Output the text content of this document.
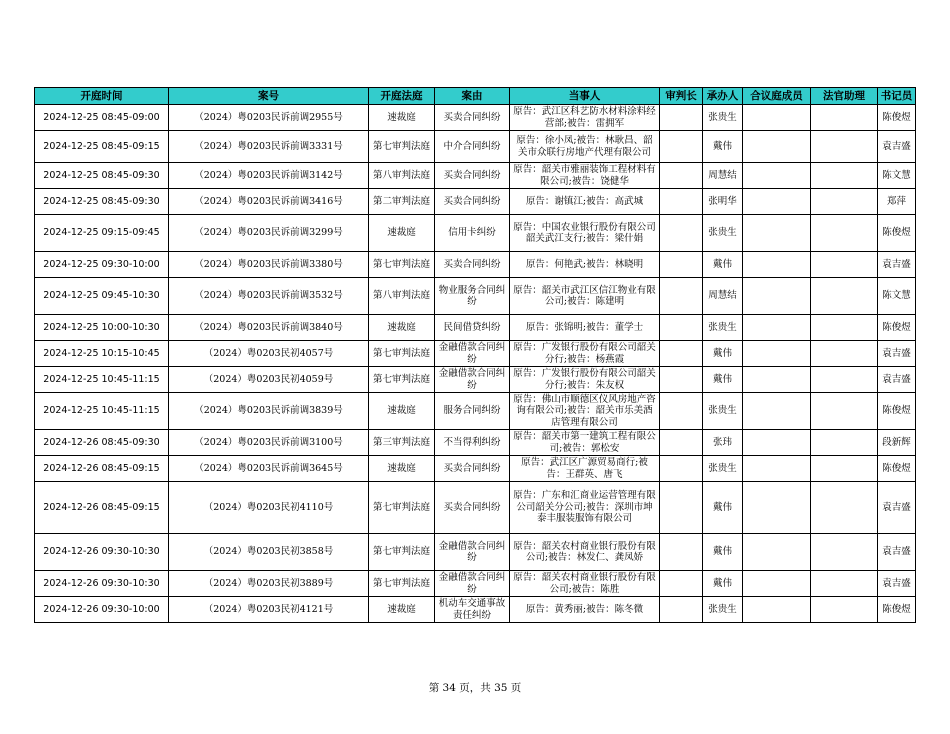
开庭时间	案号	开庭法庭	案由	当事人	审判长	承办人	合议庭成员	法官助理	书记员
2024-12-25 08:45-09:00	（2024）粤0203民诉前调2955号	速裁庭	买卖合同纠纷	原告：武江区科艺防水材料涂料经营部;被告：雷拥军		张贵生			陈俊煜
2024-12-25 08:45-09:15	（2024）粤0203民诉前调3331号	第七审判法庭	中介合同纠纷	原告：徐小凤;被告：林耿昌、韶关市众联行房地产代理有限公司		戴伟			袁吉盛
2024-12-25 08:45-09:30	（2024）粤0203民诉前调3142号	第八审判法庭	买卖合同纠纷	原告：韶关市雅丽装饰工程材料有限公司;被告：饶健华		周慧结			陈文慧
2024-12-25 08:45-09:30	（2024）粤0203民诉前调3416号	第二审判法庭	买卖合同纠纷	原告：谢镇江;被告：高武城		张明华			郑萍
2024-12-25 09:15-09:45	（2024）粤0203民诉前调3299号	速裁庭	信用卡纠纷	原告：中国农业银行股份有限公司韶关武江支行;被告：梁什娟		张贵生			陈俊煜
2024-12-25 09:30-10:00	（2024）粤0203民诉前调3380号	第七审判法庭	买卖合同纠纷	原告：何艳武;被告：林晓明		戴伟			袁吉盛
2024-12-25 09:45-10:30	（2024）粤0203民诉前调3532号	第八审判法庭	物业服务合同纠纷	原告：韶关市武江区信江物业有限公司;被告：陈建明		周慧结			陈文慧
2024-12-25 10:00-10:30	（2024）粤0203民诉前调3840号	速裁庭	民间借贷纠纷	原告：张锦明;被告：董学士		张贵生			陈俊煜
2024-12-25 10:15-10:45	（2024）粤0203民初4057号	第七审判法庭	金融借款合同纠纷	原告：广发银行股份有限公司韶关分行;被告：杨燕霞		戴伟			袁吉盛
2024-12-25 10:45-11:15	（2024）粤0203民初4059号	第七审判法庭	金融借款合同纠纷	原告：广发银行股份有限公司韶关分行;被告：朱友权		戴伟			袁吉盛
2024-12-25 10:45-11:15	（2024）粤0203民诉前调3839号	速裁庭	服务合同纠纷	原告：佛山市顺德区仪风房地产咨询有限公司;被告：韶关市乐美酒店管理有限公司		张贵生			陈俊煜
2024-12-26 08:45-09:30	（2024）粤0203民诉前调3100号	第三审判法庭	不当得利纠纷	原告：韶关市第一建筑工程有限公司;被告：郭松安		张玮			段新辉
2024-12-26 08:45-09:15	（2024）粤0203民诉前调3645号	速裁庭	买卖合同纠纷	原告：武江区广源贸易商行;被告：王群英、唐飞		张贵生			陈俊煜
2024-12-26 08:45-09:15	（2024）粤0203民初4110号	第七审判法庭	买卖合同纠纷	原告：广东和汇商业运营管理有限公司韶关分公司;被告：深圳市坤泰丰服装服饰有限公司		戴伟			袁吉盛
2024-12-26 09:30-10:30	（2024）粤0203民初3858号	第七审判法庭	金融借款合同纠纷	原告：韶关农村商业银行股份有限公司;被告：林发仁、龚凤娇		戴伟			袁吉盛
2024-12-26 09:30-10:30	（2024）粤0203民初3889号	第七审判法庭	金融借款合同纠纷	原告：韶关农村商业银行股份有限公司;被告：陈胜		戴伟			袁吉盛
2024-12-26 09:30-10:00	（2024）粤0203民初4121号	速裁庭	机动车交通事故责任纠纷	原告：黄秀丽;被告：陈冬微		张贵生			陈俊煜
第 34 页，共 35 页
